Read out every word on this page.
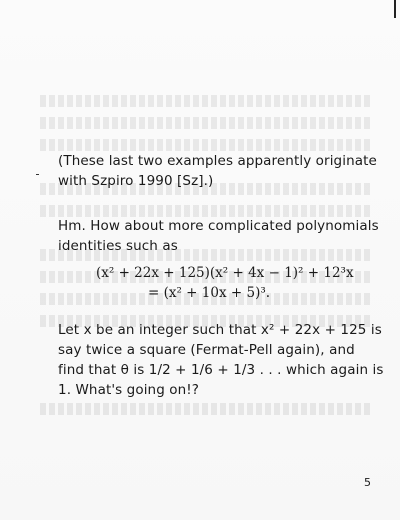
(These last two examples apparently originate with Szpiro 1990 [Sz].)
Hm. How about more complicated polynomials identities such as
(x² + 22x + 125)(x² + 4x − 1)² + 12³x
= (x² + 10x + 5)³.
Let x be an integer such that x² + 22x + 125 is say twice a square (Fermat-Pell again), and find that θ is 1/2 + 1/6 + 1/3 . . . which again is 1. What's going on!?
5
